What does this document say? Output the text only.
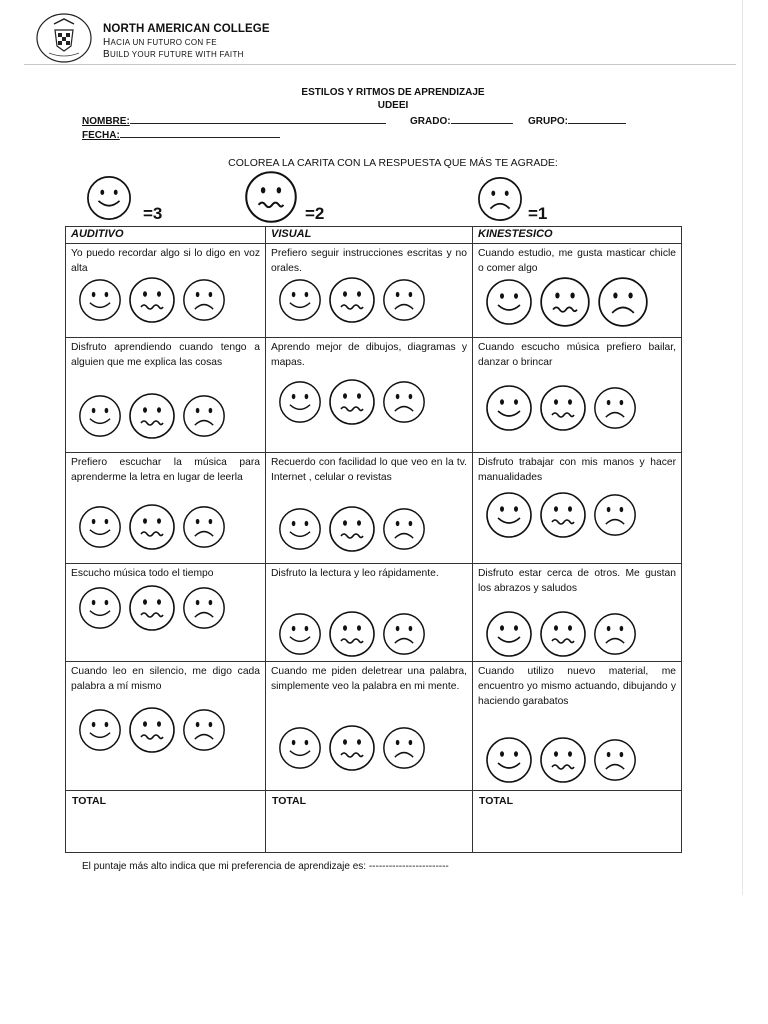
NORTH AMERICAN COLLEGE
HACIA UN FUTURO CON FE
BUILD YOUR FUTURE WITH FAITH
ESTILOS Y RITMOS DE APRENDIZAJE
UDEEI
NOMBRE:	GRADO:	GRUPO:
FECHA:
COLOREA LA CARITA CON LA RESPUESTA QUE MÁS TE AGRADE:
=3	=2	=1
AUDITIVO	VISUAL	KINESTESICO

Yo puedo recordar algo si lo digo en voz alta	Prefiero seguir instrucciones escritas y no orales.	Cuando estudio, me gusta masticar chicle o comer algo

Disfruto aprendiendo cuando tengo a alguien que me explica las cosas	Aprendo mejor de dibujos, diagramas y mapas.	Cuando escucho música prefiero bailar, danzar o brincar

Prefiero escuchar la música para aprenderme la letra en lugar de leerla	Recuerdo con facilidad lo que veo en la tv. Internet , celular o revistas	Disfruto trabajar con mis manos y hacer manualidades

Escucho música todo el tiempo	Disfruto la lectura y leo rápidamente.	Disfruto estar cerca de otros. Me gustan los abrazos y saludos

Cuando leo en silencio, me digo cada palabra a mí mismo	Cuando me piden deletrear una palabra, simplemente veo la palabra en mi mente.	Cuando utilizo nuevo material, me encuentro yo mismo actuando, dibujando y haciendo garabatos

TOTAL	TOTAL	TOTAL
El puntaje más alto indica que mi preferencia de aprendizaje es: ------------------------
